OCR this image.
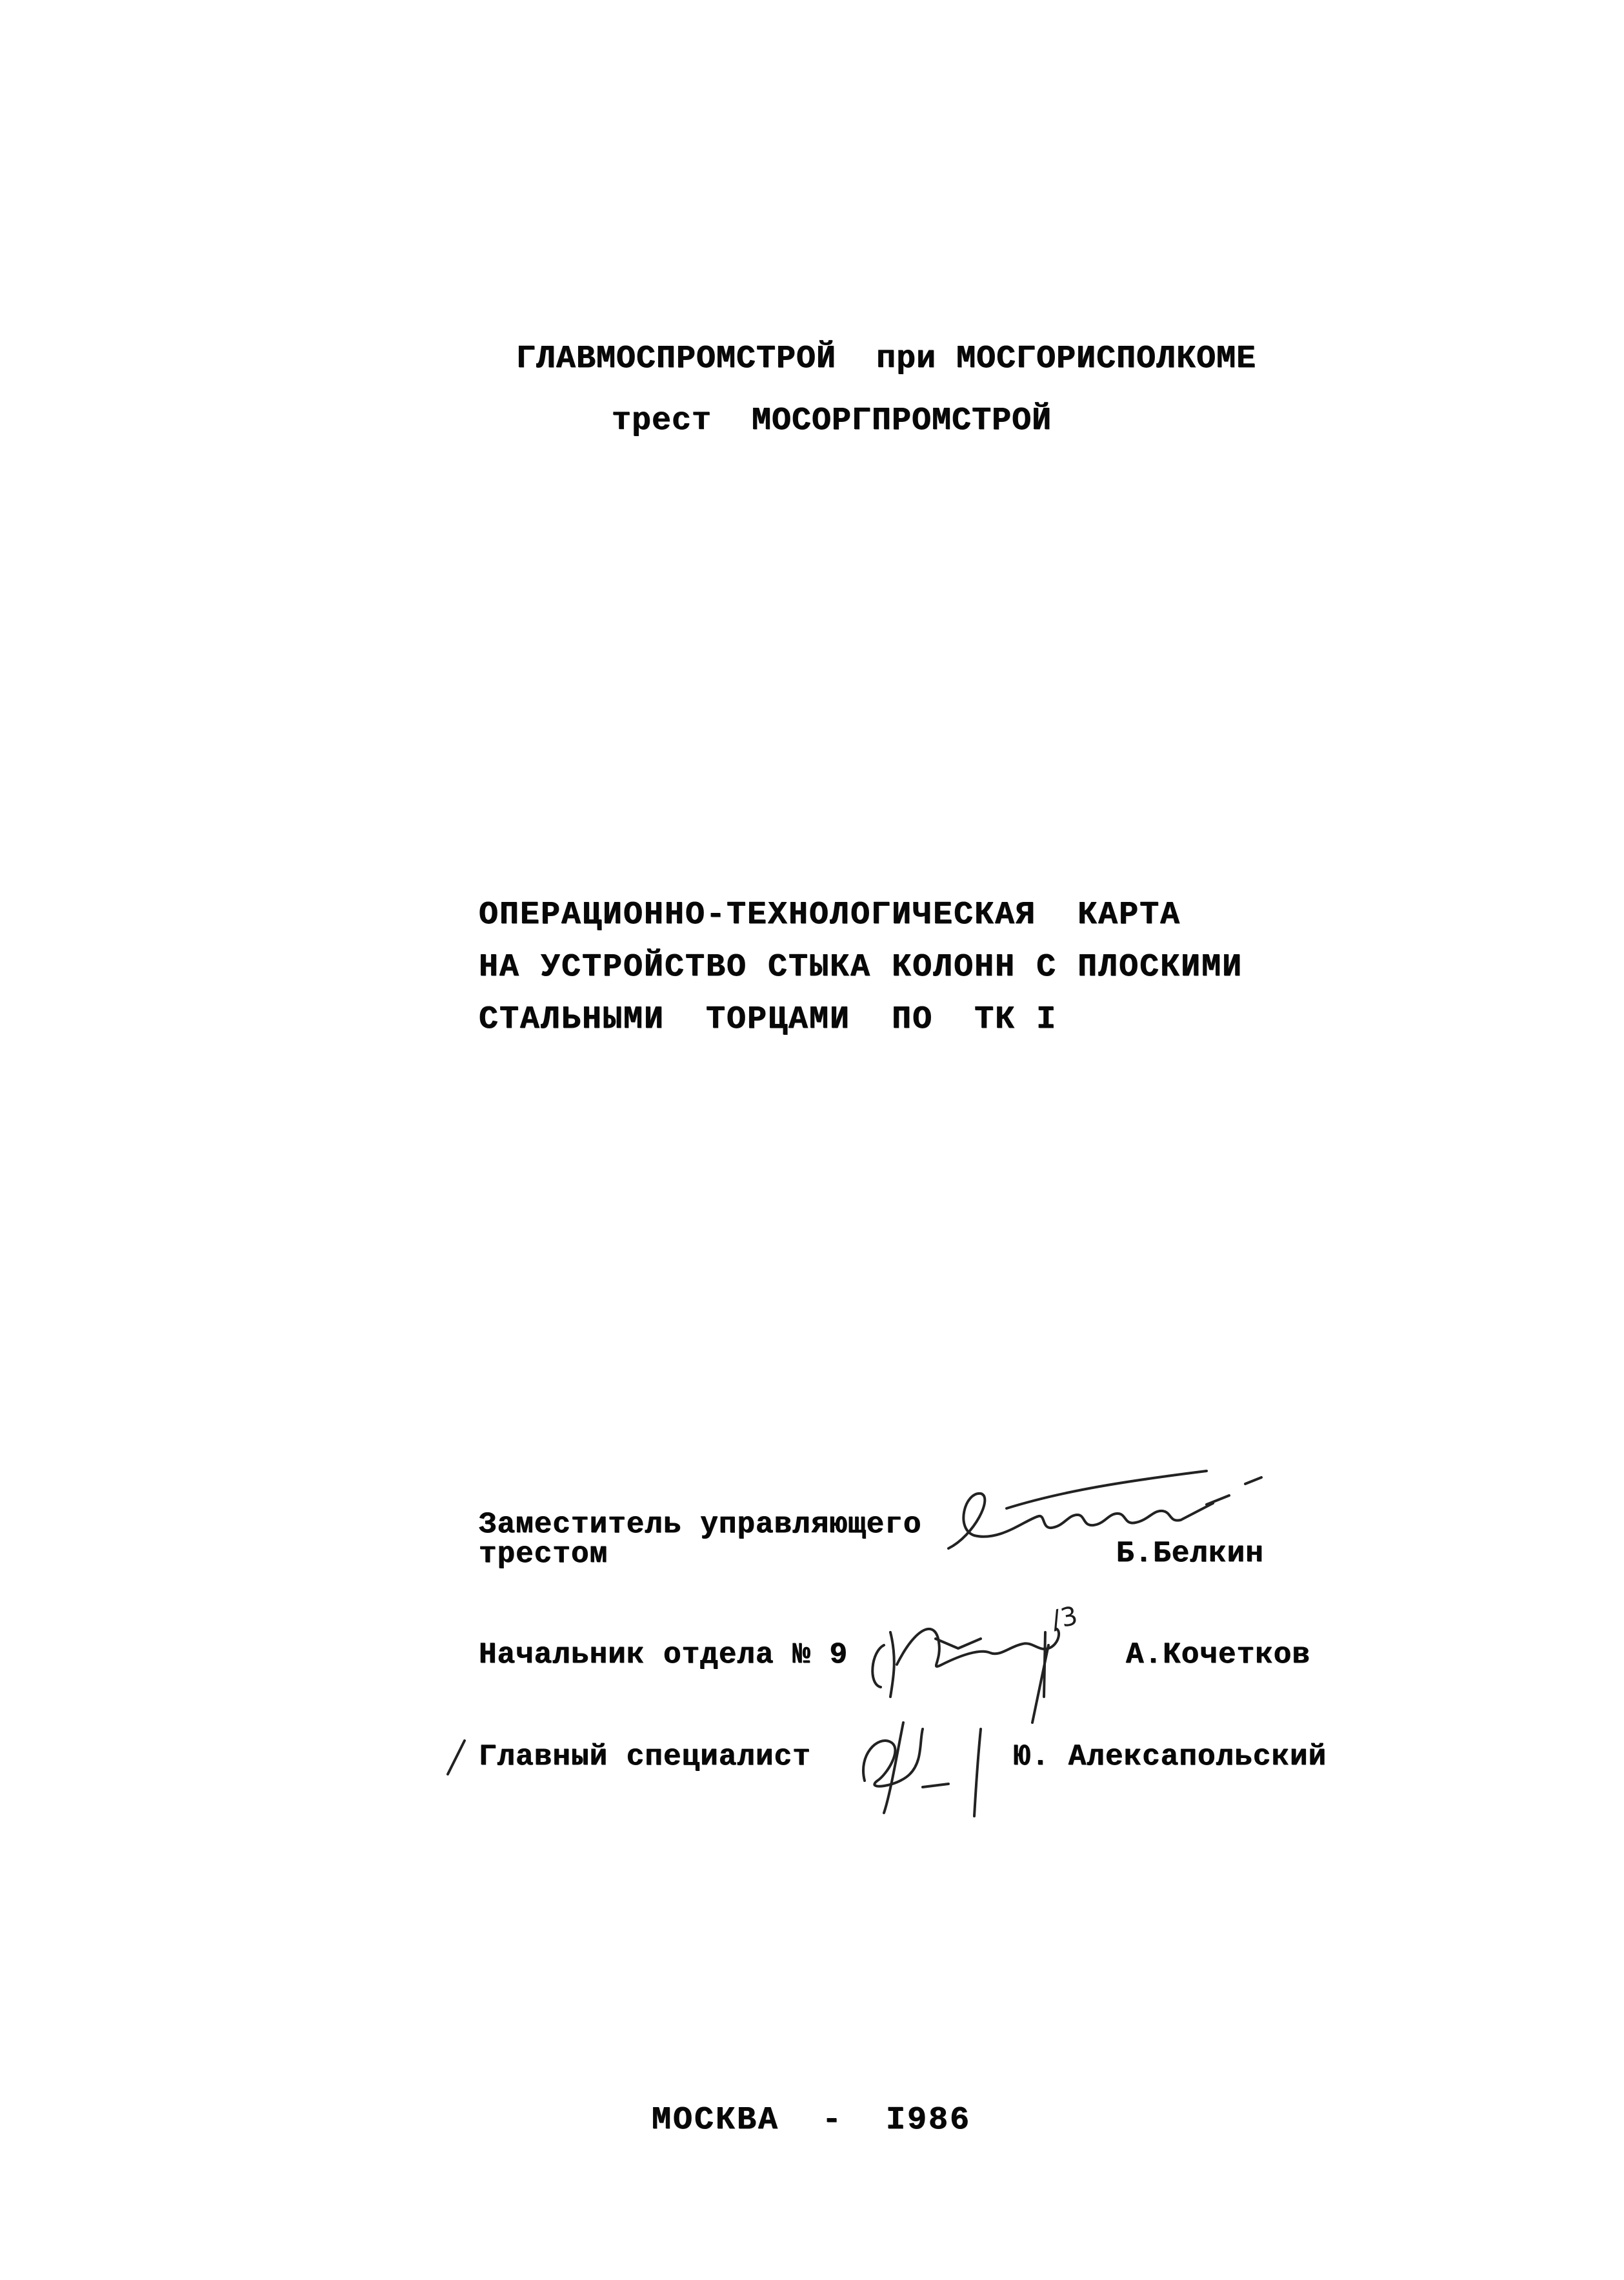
ГЛАВМОСПРОМСТРОЙ  при МОСГОРИСПОЛКОМЕ
трест  МОСОРГПРОМСТРОЙ
ОПЕРАЦИОННО-ТЕХНОЛОГИЧЕСКАЯ  КАРТА
НА УСТРОЙСТВО СТЫКА КОЛОНН С ПЛОСКИМИ
СТАЛЬНЫМИ  ТОРЦАМИ  ПО  ТК I
Заместитель управляющего
трестом	Б.Белкин
Начальник отдела № 9	А.Кочетков
/3
Главный специалист	Ю. Алексапольский
МОСКВА  -  I986
